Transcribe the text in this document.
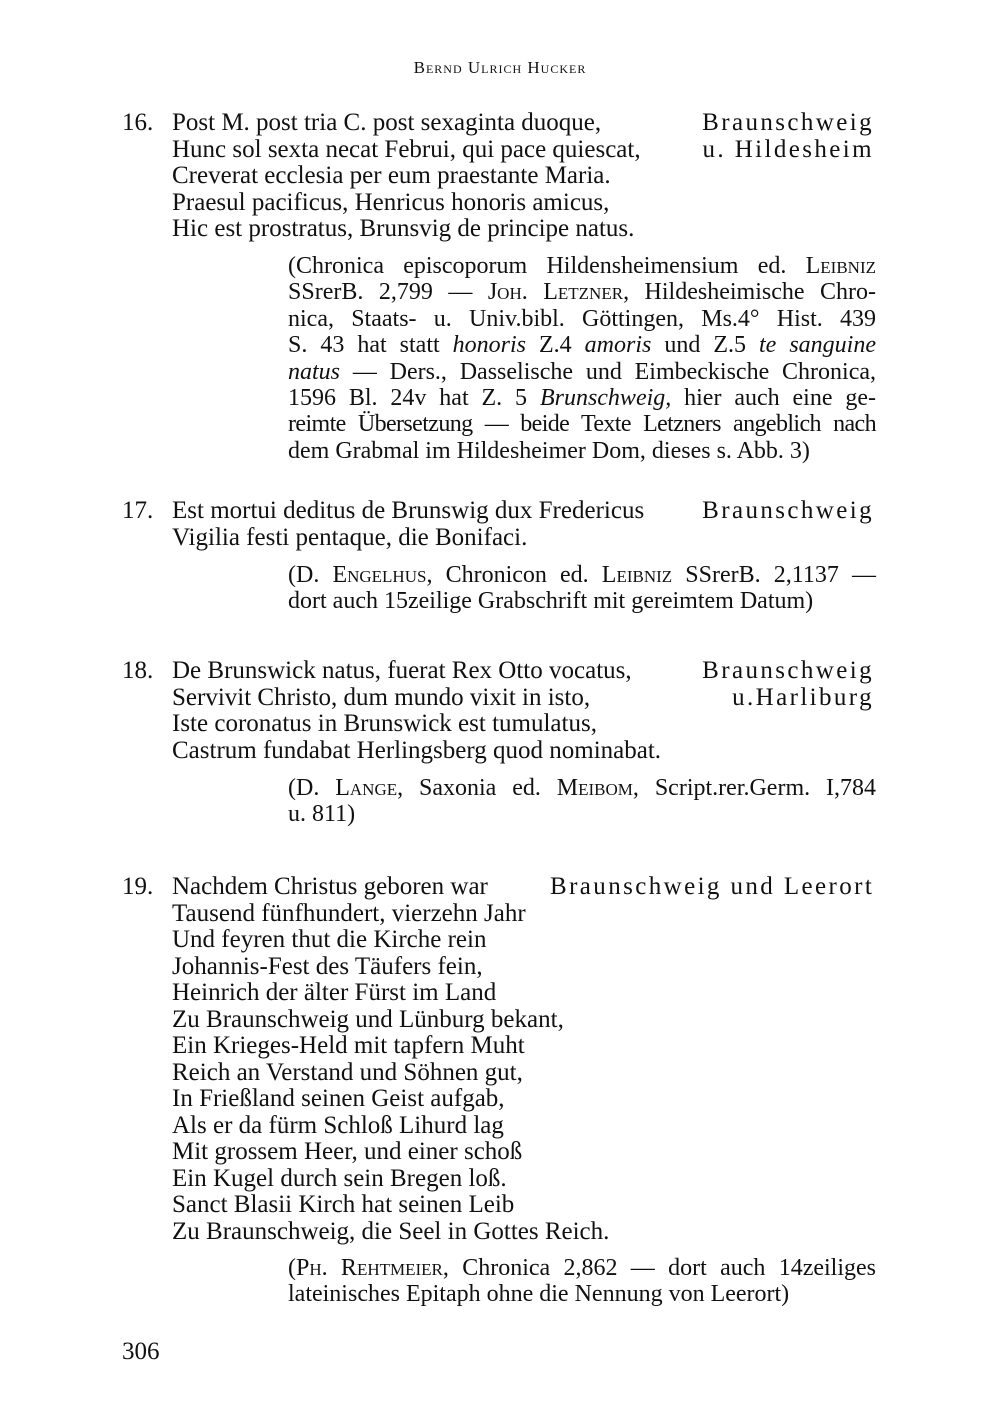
Bernd Ulrich Hucker
16. Post M. post tria C. post sexaginta duoque,
Hunc sol sexta necat Februi, qui pace quiescat,
Creverat ecclesia per eum praestante Maria.
Praesul pacificus, Henricus honoris amicus,
Hic est prostratus, Brunsvig de principe natus.
Braunschweig
u. Hildesheim
(Chronica episcoporum Hildensheimensium ed. Leibniz
SSrerB. 2,799 — Joh. Letzner, Hildesheimische Chro-
nica, Staats- u. Univ.bibl. Göttingen, Ms.4° Hist. 439
S. 43 hat statt honoris Z.4 amoris und Z.5 te sanguine
natus — Ders., Dasselische und Eimbeckische Chronica,
1596 Bl. 24v hat Z. 5 Brunschweig, hier auch eine ge-
reimte Übersetzung — beide Texte Letzners angeblich nach
dem Grabmal im Hildesheimer Dom, dieses s. Abb. 3)
17. Est mortui deditus de Brunswig dux Fredericus
Vigilia festi pentaque, die Bonifaci.
Braunschweig
(D. Engelhus, Chronicon ed. Leibniz SSrerB. 2,1137 —
dort auch 15zeilige Grabschrift mit gereimtem Datum)
18. De Brunswick natus, fuerat Rex Otto vocatus,
Servivit Christo, dum mundo vixit in isto,
Iste coronatus in Brunswick est tumulatus,
Castrum fundabat Herlingsberg quod nominabat.
Braunschweig
u.Harliburg
(D. Lange, Saxonia ed. Meibom, Script.rer.Germ. I,784
u. 811)
19. Nachdem Christus geboren war
Tausend fünfhundert, vierzehn Jahr
Und feyren thut die Kirche rein
Johannis-Fest des Täufers fein,
Heinrich der älter Fürst im Land
Zu Braunschweig und Lünburg bekant,
Ein Krieges-Held mit tapfern Muht
Reich an Verstand und Söhnen gut,
In Frießland seinen Geist aufgab,
Als er da fürm Schloß Lihurd lag
Mit grossem Heer, und einer schoß
Ein Kugel durch sein Bregen loß.
Sanct Blasii Kirch hat seinen Leib
Zu Braunschweig, die Seel in Gottes Reich.
Braunschweig und Leerort
(Ph. Rehtmeier, Chronica 2,862 — dort auch 14zeiliges
lateinisches Epitaph ohne die Nennung von Leerort)
306
